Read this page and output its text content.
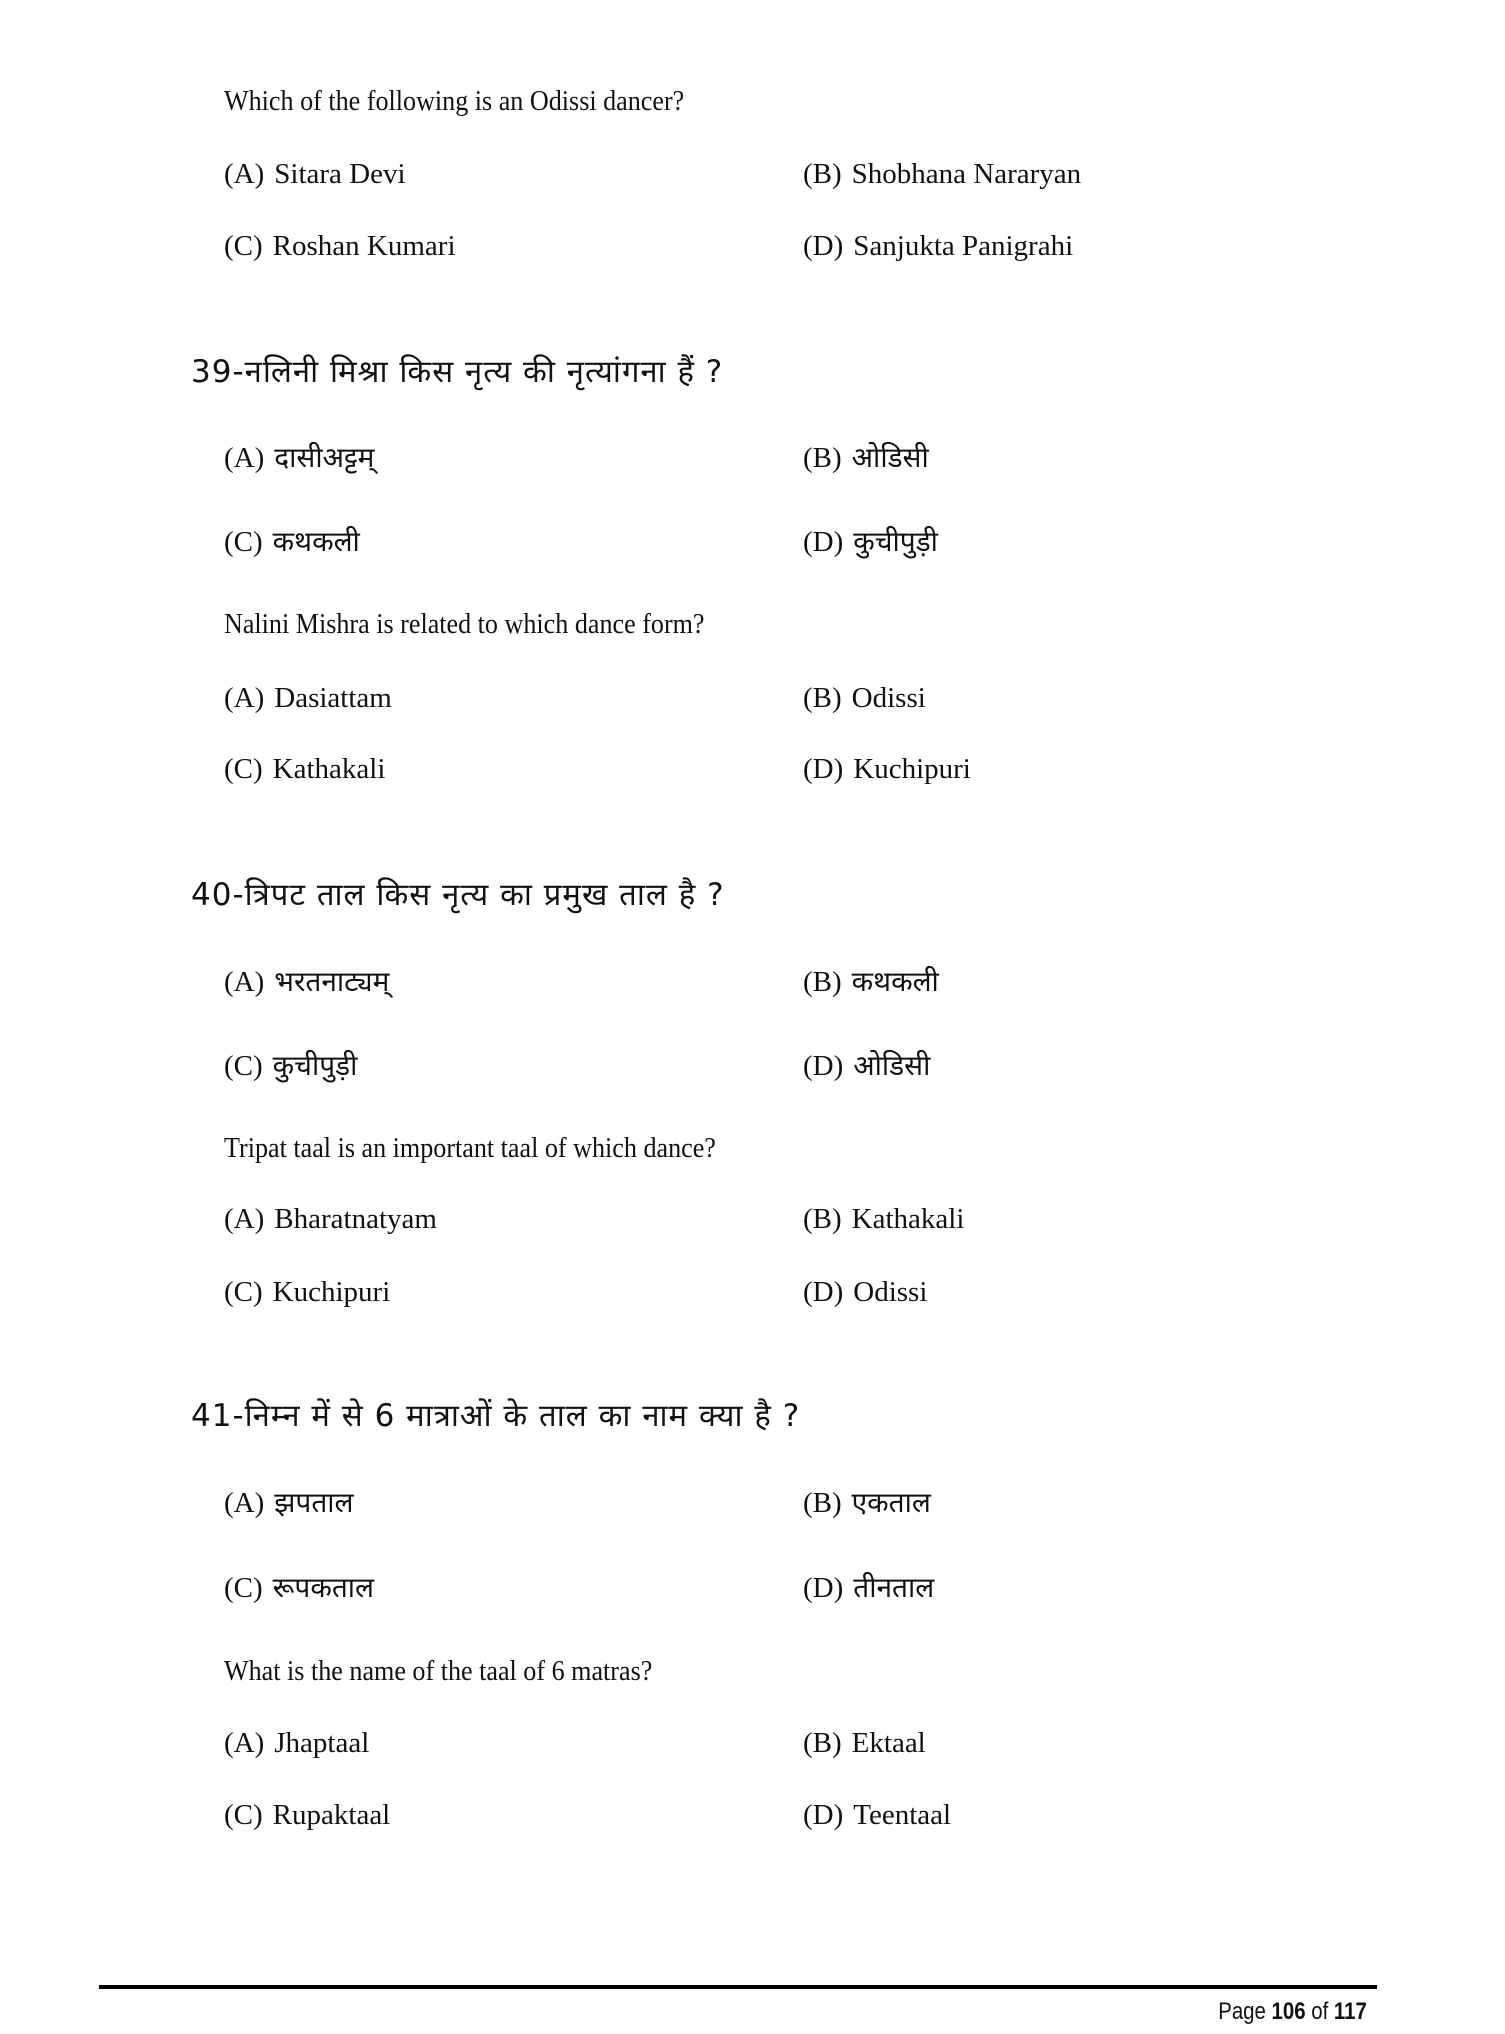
Which of the following is an Odissi dancer?
(A) Sitara Devi	(B) Shobhana Nararyan
(C) Roshan Kumari	(D) Sanjukta Panigrahi
39-नलिनी मिश्रा किस नृत्य की नृत्यांगना हैं ?
(A) दासीअट्टम्	(B) ओडिसी
(C) कथकली	(D) कुचीपुड़ी
Nalini Mishra is related to which dance form?
(A) Dasiattam	(B) Odissi
(C) Kathakali	(D) Kuchipuri
40-त्रिपट ताल किस नृत्य का प्रमुख ताल है ?
(A) भरतनाट्यम्	(B) कथकली
(C) कुचीपुड़ी	(D) ओडिसी
Tripat taal is an important taal of which dance?
(A) Bharatnatyam	(B) Kathakali
(C) Kuchipuri	(D) Odissi
41-निम्न में से 6 मात्राओं के ताल का नाम क्या है ?
(A) झपताल	(B) एकताल
(C) रूपकताल	(D) तीनताल
What is the name of the taal of 6 matras?
(A) Jhaptaal	(B) Ektaal
(C) Rupaktaal	(D) Teentaal
Page 106 of 117
